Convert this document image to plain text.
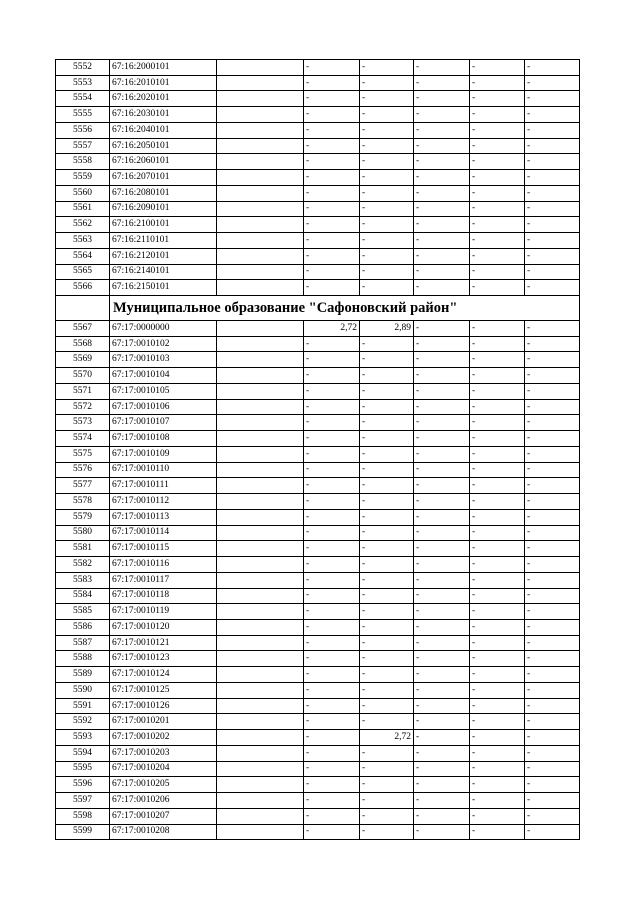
5552	67:16:2000101		-	-	-	-	-
5553	67:16:2010101		-	-	-	-	-
5554	67:16:2020101		-	-	-	-	-
5555	67:16:2030101		-	-	-	-	-
5556	67:16:2040101		-	-	-	-	-
5557	67:16:2050101		-	-	-	-	-
5558	67:16:2060101		-	-	-	-	-
5559	67:16:2070101		-	-	-	-	-
5560	67:16:2080101		-	-	-	-	-
5561	67:16:2090101		-	-	-	-	-
5562	67:16:2100101		-	-	-	-	-
5563	67:16:2110101		-	-	-	-	-
5564	67:16:2120101		-	-	-	-	-
5565	67:16:2140101		-	-	-	-	-
5566	67:16:2150101		-	-	-	-	-
	Муниципальное образование "Сафоновский район"						
5567	67:17:0000000		2,72	2,89	-	-	-
5568	67:17:0010102		-	-	-	-	-
5569	67:17:0010103		-	-	-	-	-
5570	67:17:0010104		-	-	-	-	-
5571	67:17:0010105		-	-	-	-	-
5572	67:17:0010106		-	-	-	-	-
5573	67:17:0010107		-	-	-	-	-
5574	67:17:0010108		-	-	-	-	-
5575	67:17:0010109		-	-	-	-	-
5576	67:17:0010110		-	-	-	-	-
5577	67:17:0010111		-	-	-	-	-
5578	67:17:0010112		-	-	-	-	-
5579	67:17:0010113		-	-	-	-	-
5580	67:17:0010114		-	-	-	-	-
5581	67:17:0010115		-	-	-	-	-
5582	67:17:0010116		-	-	-	-	-
5583	67:17:0010117		-	-	-	-	-
5584	67:17:0010118		-	-	-	-	-
5585	67:17:0010119		-	-	-	-	-
5586	67:17:0010120		-	-	-	-	-
5587	67:17:0010121		-	-	-	-	-
5588	67:17:0010123		-	-	-	-	-
5589	67:17:0010124		-	-	-	-	-
5590	67:17:0010125		-	-	-	-	-
5591	67:17:0010126		-	-	-	-	-
5592	67:17:0010201		-	-	-	-	-
5593	67:17:0010202		-	2,72	-	-	-
5594	67:17:0010203		-	-	-	-	-
5595	67:17:0010204		-	-	-	-	-
5596	67:17:0010205		-	-	-	-	-
5597	67:17:0010206		-	-	-	-	-
5598	67:17:0010207		-	-	-	-	-
5599	67:17:0010208		-	-	-	-	-
